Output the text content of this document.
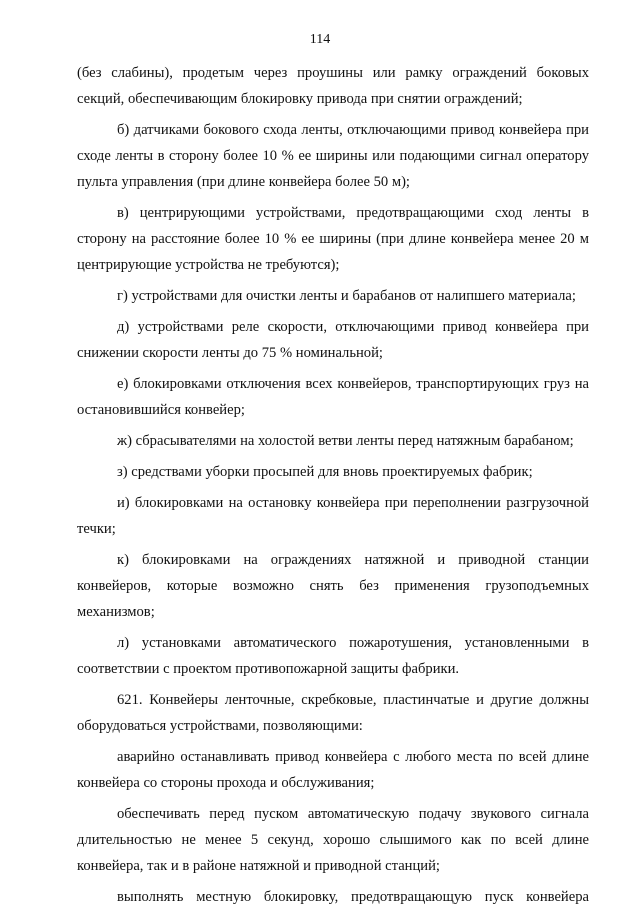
114

(без слабины), продетым через проушины или рамку ограждений боковых секций, обеспечивающим блокировку привода при снятии ограждений;

б) датчиками бокового схода ленты, отключающими привод конвейера при сходе ленты в сторону более 10 % ее ширины или подающими сигнал оператору пульта управления (при длине конвейера более 50 м);

в) центрирующими устройствами, предотвращающими сход ленты в сторону на расстояние более 10 % ее ширины (при длине конвейера менее 20 м центрирующие устройства не требуются);

г) устройствами для очистки ленты и барабанов от налипшего материала;

д) устройствами реле скорости, отключающими привод конвейера при снижении скорости ленты до 75 % номинальной;

е) блокировками отключения всех конвейеров, транспортирующих груз на остановившийся конвейер;

ж) сбрасывателями на холостой ветви ленты перед натяжным барабаном;

з) средствами уборки просыпей для вновь проектируемых фабрик;

и) блокировками на остановку конвейера при переполнении разгрузочной течки;

к) блокировками на ограждениях натяжной и приводной станции конвейеров, которые возможно снять без применения грузоподъемных механизмов;

л) установками автоматического пожаротушения, установленными в соответствии с проектом противопожарной защиты фабрики.

621. Конвейеры ленточные, скребковые, пластинчатые и другие должны оборудоваться устройствами, позволяющими:

аварийно останавливать привод конвейера с любого места по всей длине конвейера со стороны прохода и обслуживания;

обеспечивать перед пуском автоматическую подачу звукового сигнала длительностью не менее 5 секунд, хорошо слышимого как по всей длине конвейера, так и в районе натяжной и приводной станций;

выполнять местную блокировку, предотвращающую пуск конвейера
